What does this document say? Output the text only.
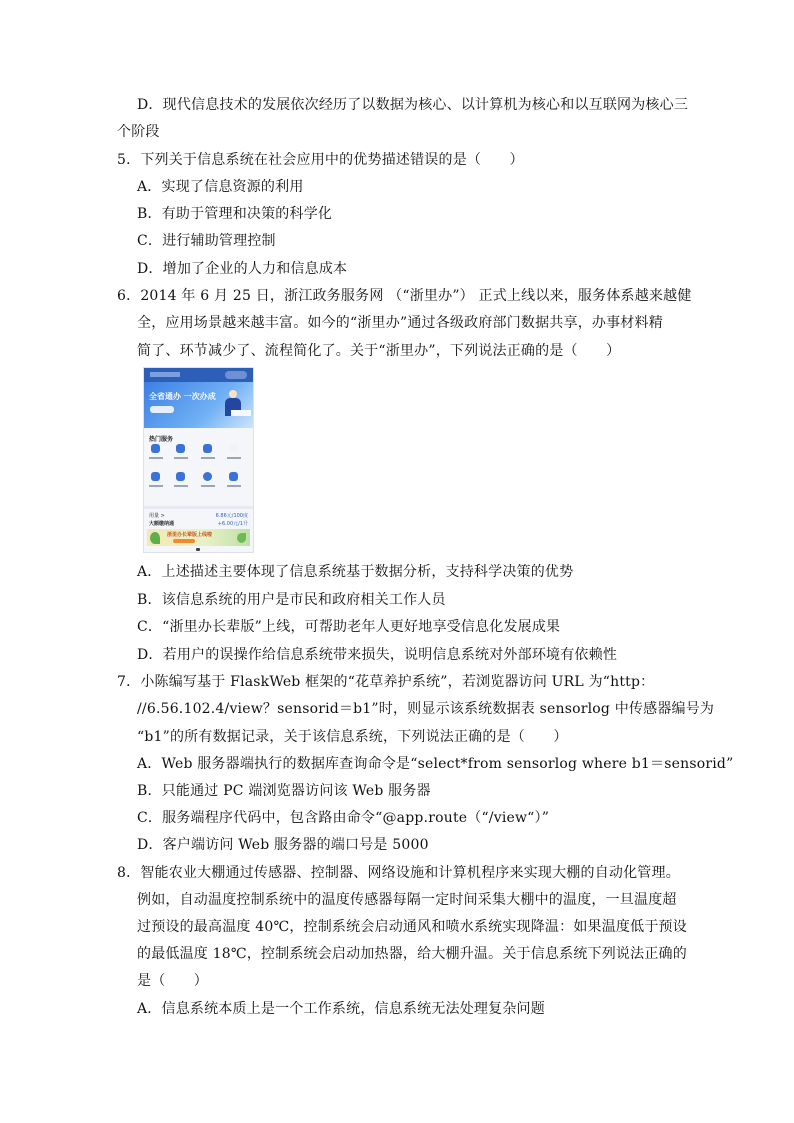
D．现代信息技术的发展依次经历了以数据为核心、以计算机为核心和以互联网为核心三
个阶段
5．下列关于信息系统在社会应用中的优势描述错误的是（　　）
A．实现了信息资源的利用
B．有助于管理和决策的科学化
C．进行辅助管理控制
D．增加了企业的人力和信息成本
6．2014 年 6 月 25 日，浙江政务服务网 （“浙里办”） 正式上线以来，服务体系越来越健
全，应用场景越来越丰富。如今的“浙里办”通过各级政府部门数据共享，办事材料精
简了、环节减少了、流程简化了。关于“浙里办”，下列说法正确的是（　　）
全省通办 一次办成
热门服务
用量 >	6.86元/100度
大额缴纳通	+6.00元/1升
浙里办长辈版上线啦
A．上述描述主要体现了信息系统基于数据分析，支持科学决策的优势
B．该信息系统的用户是市民和政府相关工作人员
C．“浙里办长辈版”上线，可帮助老年人更好地享受信息化发展成果
D．若用户的误操作给信息系统带来损失，说明信息系统对外部环境有依赖性
7．小陈编写基于 FlaskWeb 框架的“花草养护系统”，若浏览器访问 URL 为“http：
//6.56.102.4/view？sensorid＝b1”时，则显示该系统数据表 sensorlog 中传感器编号为
“b1”的所有数据记录，关于该信息系统，下列说法正确的是（　　）
A．Web 服务器端执行的数据库查询命令是“select*from sensorlog where b1＝sensorid”
B．只能通过 PC 端浏览器访问该 Web 服务器
C．服务端程序代码中，包含路由命令“@app.route（“/view“）”
D．客户端访问 Web 服务器的端口号是 5000
8．智能农业大棚通过传感器、控制器、网络设施和计算机程序来实现大棚的自动化管理。
例如，自动温度控制系统中的温度传感器每隔一定时间采集大棚中的温度，一旦温度超
过预设的最高温度 40℃，控制系统会启动通风和喷水系统实现降温：如果温度低于预设
的最低温度 18℃，控制系统会启动加热器，给大棚升温。关于信息系统下列说法正确的
是（　　）
A．信息系统本质上是一个工作系统，信息系统无法处理复杂问题
